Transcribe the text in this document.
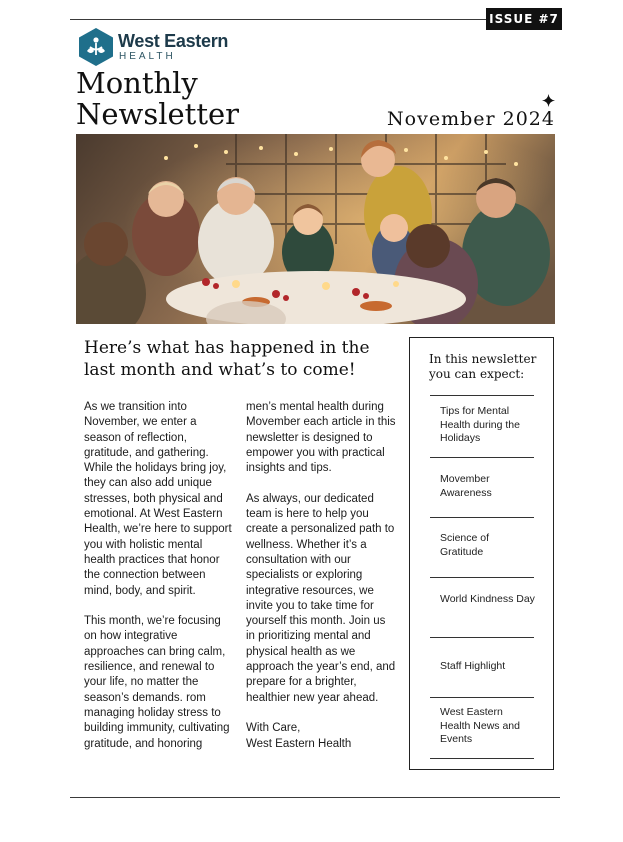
ISSUE #7
West Eastern
HEALTH
Monthly
Newsletter	November 2024
Here’s what has happened in the last month and what’s to come!

As we transition into November, we enter a season of reflection, gratitude, and gathering. While the holidays bring joy, they can also add unique stresses, both physical and emotional. At West Eastern Health, we’re here to support you with holistic mental health practices that honor the connection between mind, body, and spirit.

This month, we’re focusing on how integrative approaches can bring calm, resilience, and renewal to your life, no matter the season’s demands. rom managing holiday stress to building immunity, cultivating gratitude, and honoring

men’s mental health during Movember each article in this newsletter is designed to empower you with practical insights and tips.

As always, our dedicated team is here to help you create a personalized path to wellness. Whether it’s a consultation with our specialists or exploring integrative resources, we invite you to take time for yourself this month. Join us in prioritizing mental and physical health as we approach the year’s end, and prepare for a brighter, healthier new year ahead.

With Care,
West Eastern Health

In this newsletter you can expect:
Tips for Mental Health during the Holidays
Movember Awareness
Science of Gratitude
World Kindness Day
Staff Highlight
West Eastern Health News and Events
